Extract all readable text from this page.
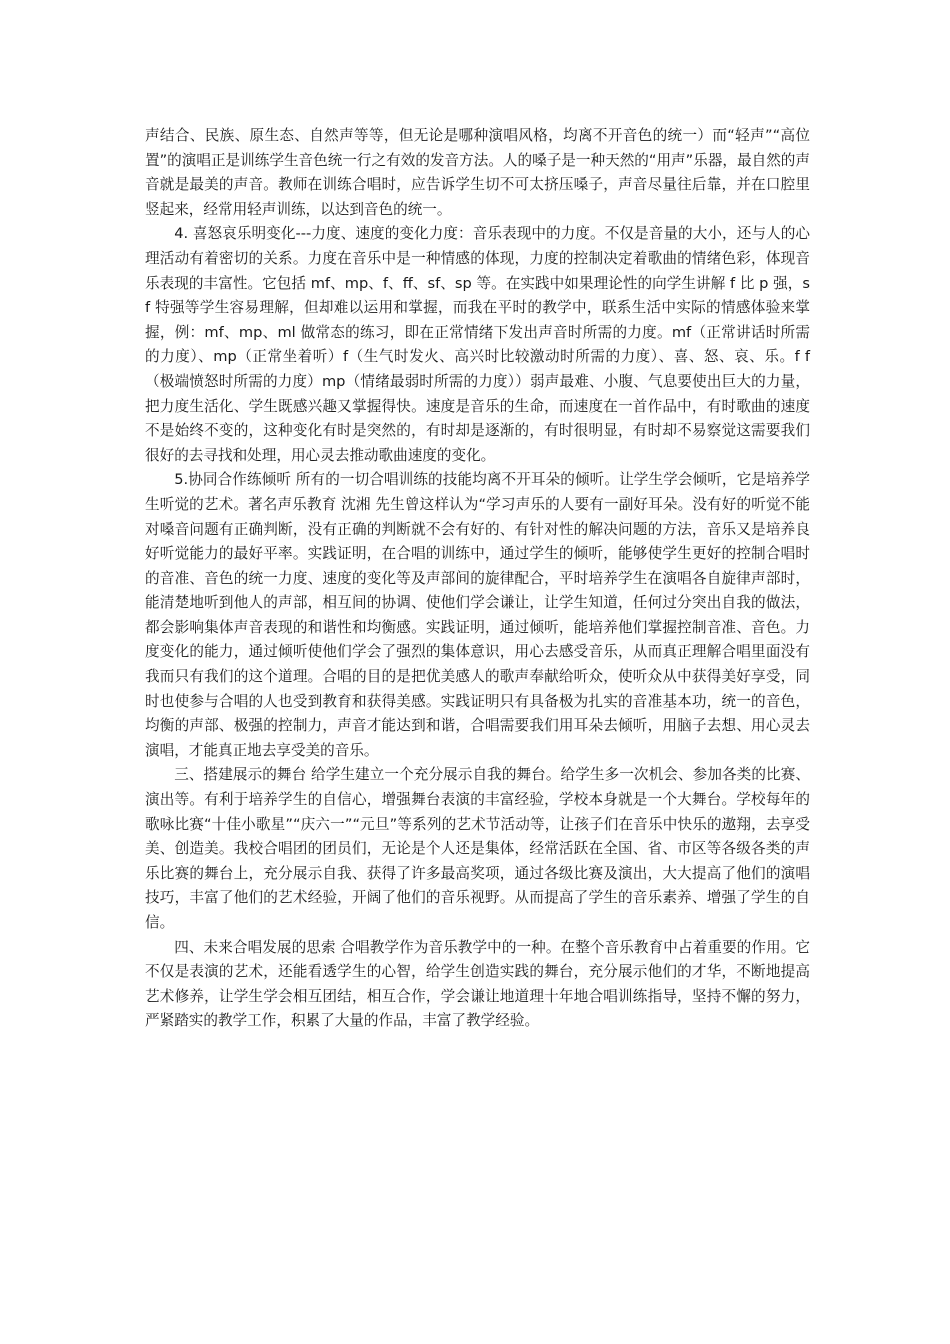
声结合、民族、原生态、自然声等等，但无论是哪种演唱风格，均离不开音色的统一）而“轻声”“高位置”的演唱正是训练学生音色统一行之有效的发音方法。人的嗓子是一种天然的“用声”乐器，最自然的声音就是最美的声音。教师在训练合唱时，应告诉学生切不可太挤压嗓子，声音尽量往后靠，并在口腔里竖起来，经常用轻声训练，以达到音色的统一。

4. 喜怒哀乐明变化---力度、速度的变化力度：音乐表现中的力度。不仅是音量的大小，还与人的心理活动有着密切的关系。力度在音乐中是一种情感的体现，力度的控制决定着歌曲的情绪色彩，体现音乐表现的丰富性。它包括 mf、mp、f、ff、sf、sp 等。在实践中如果理论性的向学生讲解 f 比 p 强，sf 特强等学生容易理解，但却难以运用和掌握，而我在平时的教学中，联系生活中实际的情感体验来掌握，例：mf、mp、ml 做常态的练习，即在正常情绪下发出声音时所需的力度。mf（正常讲话时所需的力度）、mp（正常坐着听）f（生气时发火、高兴时比较激动时所需的力度）、喜、怒、哀、乐。f f（极端愤怒时所需的力度）mp（情绪最弱时所需的力度））弱声最难、小腹、气息要使出巨大的力量，把力度生活化、学生既感兴趣又掌握得快。速度是音乐的生命，而速度在一首作品中，有时歌曲的速度不是始终不变的，这种变化有时是突然的，有时却是逐渐的，有时很明显，有时却不易察觉这需要我们很好的去寻找和处理，用心灵去推动歌曲速度的变化。

5.协同合作练倾听 所有的一切合唱训练的技能均离不开耳朵的倾听。让学生学会倾听，它是培养学生听觉的艺术。著名声乐教育 沈湘 先生曾这样认为“学习声乐的人要有一副好耳朵。没有好的听觉不能对嗓音问题有正确判断，没有正确的判断就不会有好的、有针对性的解决问题的方法，音乐又是培养良好听觉能力的最好平率。实践证明，在合唱的训练中，通过学生的倾听，能够使学生更好的控制合唱时的音准、音色的统一力度、速度的变化等及声部间的旋律配合，平时培养学生在演唱各自旋律声部时，能清楚地听到他人的声部，相互间的协调、使他们学会谦让，让学生知道，任何过分突出自我的做法，都会影响集体声音表现的和谐性和均衡感。实践证明，通过倾听，能培养他们掌握控制音准、音色。力度变化的能力，通过倾听使他们学会了强烈的集体意识，用心去感受音乐，从而真正理解合唱里面没有我而只有我们的这个道理。合唱的目的是把优美感人的歌声奉献给听众，使听众从中获得美好享受，同时也使参与合唱的人也受到教育和获得美感。实践证明只有具备极为扎实的音准基本功，统一的音色，均衡的声部、极强的控制力，声音才能达到和谐，合唱需要我们用耳朵去倾听，用脑子去想、用心灵去演唱，才能真正地去享受美的音乐。

三、搭建展示的舞台 给学生建立一个充分展示自我的舞台。给学生多一次机会、参加各类的比赛、演出等。有利于培养学生的自信心，增强舞台表演的丰富经验，学校本身就是一个大舞台。学校每年的歌咏比赛“十佳小歌星”“庆六一”“元旦”等系列的艺术节活动等，让孩子们在音乐中快乐的遨翔，去享受美、创造美。我校合唱团的团员们，无论是个人还是集体，经常活跃在全国、省、市区等各级各类的声乐比赛的舞台上，充分展示自我、获得了许多最高奖项，通过各级比赛及演出，大大提高了他们的演唱技巧，丰富了他们的艺术经验，开阔了他们的音乐视野。从而提高了学生的音乐素养、增强了学生的自信。

四、未来合唱发展的思索 合唱教学作为音乐教学中的一种。在整个音乐教育中占着重要的作用。它不仅是表演的艺术，还能看透学生的心智，给学生创造实践的舞台，充分展示他们的才华，不断地提高艺术修养，让学生学会相互团结，相互合作，学会谦让地道理十年地合唱训练指导，坚持不懈的努力，严紧踏实的教学工作，积累了大量的作品，丰富了教学经验。
